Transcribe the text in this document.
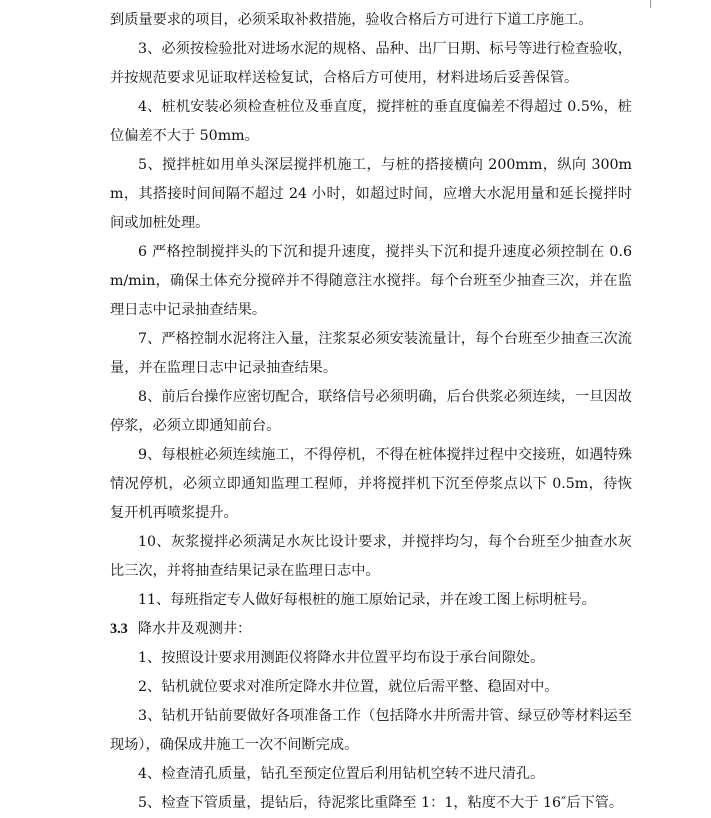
到质量要求的项目，必须采取补救措施，验收合格后方可进行下道工序施工。

3、必须按检验批对进场水泥的规格、品种、出厂日期、标号等进行检查验收，并按规范要求见证取样送检复试，合格后方可使用，材料进场后妥善保管。

4、桩机安装必须检查桩位及垂直度，搅拌桩的垂直度偏差不得超过 0.5%，桩位偏差不大于 50mm。

5、搅拌桩如用单头深层搅拌机施工，与桩的搭接横向 200mm，纵向 300mm，其搭接时间间隔不超过 24 小时，如超过时间，应增大水泥用量和延长搅拌时间或加桩处理。

6 严格控制搅拌头的下沉和提升速度，搅拌头下沉和提升速度必须控制在 0.6m/min，确保土体充分搅碎并不得随意注水搅拌。每个台班至少抽查三次，并在监理日志中记录抽查结果。

7、严格控制水泥将注入量，注浆泵必须安装流量计，每个台班至少抽查三次流量，并在监理日志中记录抽查结果。

8、前后台操作应密切配合，联络信号必须明确，后台供浆必须连续，一旦因故停浆，必须立即通知前台。

9、每根桩必须连续施工，不得停机，不得在桩体搅拌过程中交接班，如遇特殊情况停机，必须立即通知监理工程师，并将搅拌机下沉至停浆点以下 0.5m，待恢复开机再喷浆提升。

10、灰浆搅拌必须满足水灰比设计要求，并搅拌均匀，每个台班至少抽查水灰比三次，并将抽查结果记录在监理日志中。

11、每班指定专人做好每根桩的施工原始记录，并在竣工图上标明桩号。

3.3 降水井及观测井：

1、按照设计要求用测距仪将降水井位置平均布设于承台间隙处。

2、钻机就位要求对准所定降水井位置，就位后需平整、稳固对中。

3、钻机开钻前要做好各项准备工作（包括降水井所需井管、绿豆砂等材料运至现场），确保成井施工一次不间断完成。

4、检查清孔质量，钻孔至预定位置后利用钻机空转不进尺清孔。

5、检查下管质量，提钻后，待泥浆比重降至 1：1，粘度不大于 16″后下管。
